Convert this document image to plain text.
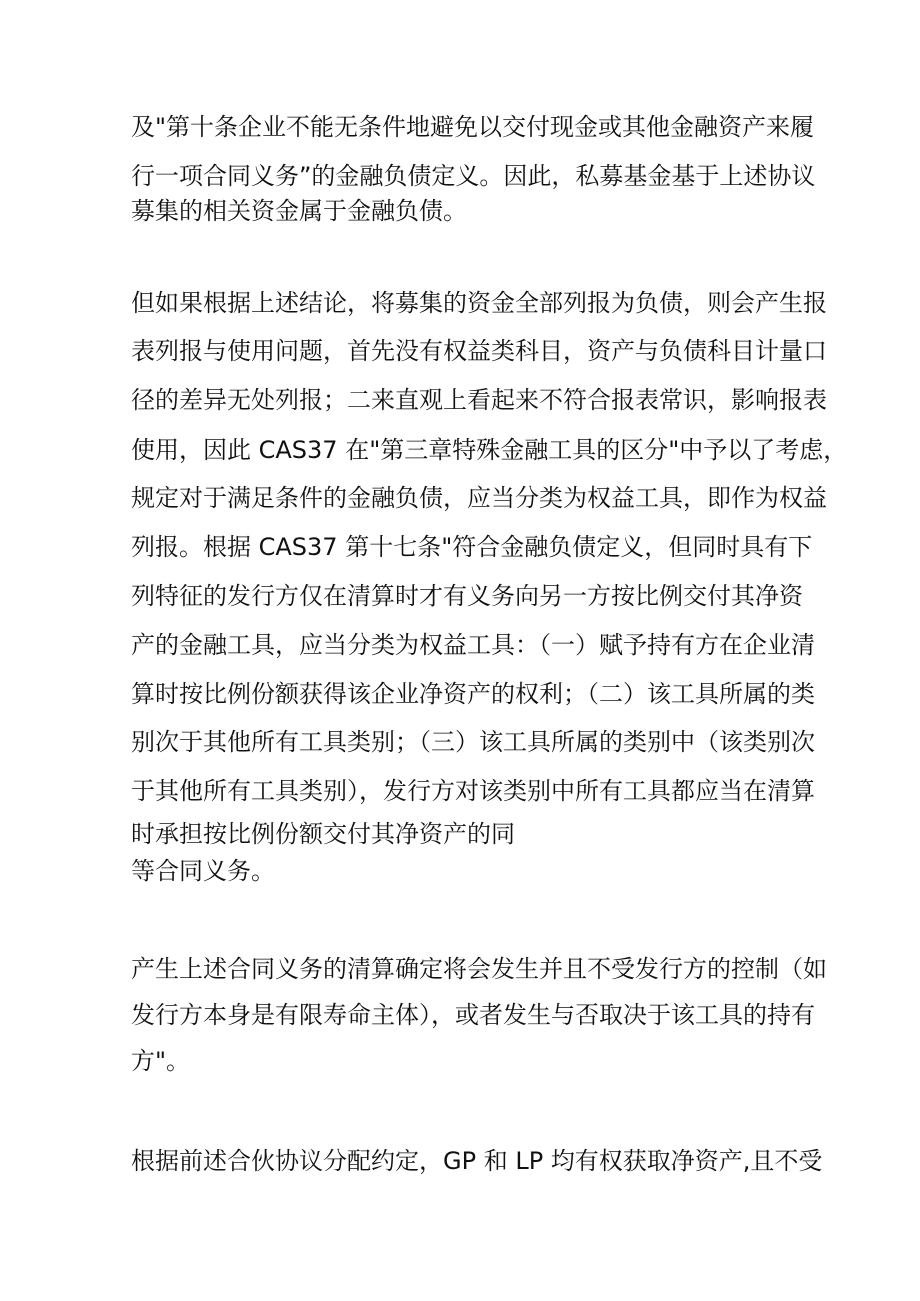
及"第十条企业不能无条件地避免以交付现金或其他金融资产来履
行一项合同义务”的金融负债定义。因此，私募基金基于上述协议
募集的相关资金属于金融负债。
但如果根据上述结论，将募集的资金全部列报为负债，则会产生报
表列报与使用问题，首先没有权益类科目，资产与负债科目计量口
径的差异无处列报；二来直观上看起来不符合报表常识，影响报表
使用，因此 CAS37 在"第三章特殊金融工具的区分"中予以了考虑，
规定对于满足条件的金融负债，应当分类为权益工具，即作为权益
列报。根据 CAS37 第十七条"符合金融负债定义，但同时具有下
列特征的发行方仅在清算时才有义务向另一方按比例交付其净资
产的金融工具，应当分类为权益工具：（一）赋予持有方在企业清
算时按比例份额获得该企业净资产的权利；（二）该工具所属的类
别次于其他所有工具类别；（三）该工具所属的类别中（该类别次
于其他所有工具类别），发行方对该类别中所有工具都应当在清算
时承担按比例份额交付其净资产的同
等合同义务。
产生上述合同义务的清算确定将会发生并且不受发行方的控制（如
发行方本身是有限寿命主体），或者发生与否取决于该工具的持有
方"。
根据前述合伙协议分配约定，GP 和 LP 均有权获取净资产,且不受
